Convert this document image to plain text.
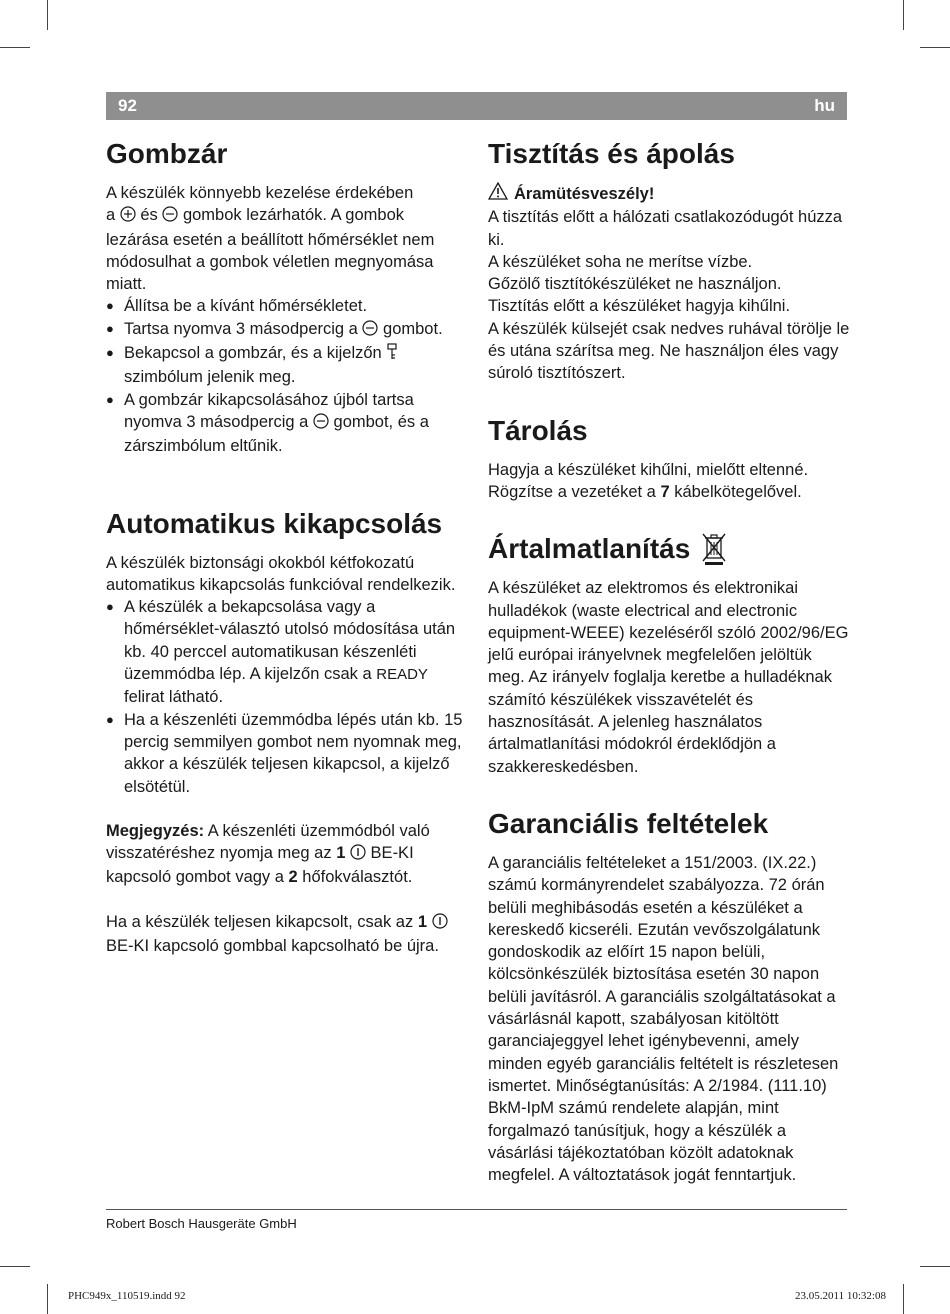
92	hu
Gombzár

A készülék könnyebb kezelése érdekében
a  és  gombok lezárhatók. A gombok lezárása esetén a beállított hőmérséklet nem módosulhat a gombok véletlen megnyomása miatt.

● Állítsa be a kívánt hőmérsékletet.
● Tartsa nyomva 3 másodpercig a  gombot.
● Bekapcsol a gombzár, és a kijelzőn  szimbólum jelenik meg.
● A gombzár kikapcsolásához újból tartsa nyomva 3 másodpercig a  gombot, és a zárszimbólum eltűnik.
Automatikus kikapcsolás

A készülék biztonsági okokból kétfokozatú automatikus kikapcsolás funkcióval rendelkezik.

● A készülék a bekapcsolása vagy a hőmérséklet-választó utolsó módosítása után kb. 40 perccel automatikusan készenléti üzemmódba lép. A kijelzőn csak a READY felirat látható.
● Ha a készenléti üzemmódba lépés után kb. 15 percig semmilyen gombot nem nyomnak meg, akkor a készülék teljesen kikapcsol, a kijelző elsötétül.

Megjegyzés: A készenléti üzemmódból való visszatéréshez nyomja meg az 1  BE-KI kapcsoló gombot vagy a 2 hőfokválasztót.

Ha a készülék teljesen kikapcsolt, csak az 1  BE-KI kapcsoló gombbal kapcsolható be újra.

Tisztítás és ápolás

Áramütésveszély!

A tisztítás előtt a hálózati csatlakozódugót húzza ki.

A készüléket soha ne merítse vízbe.

Gőzölő tisztítókészüléket ne használjon.

Tisztítás előtt a készüléket hagyja kihűlni.

A készülék külsejét csak nedves ruhával törölje le és utána szárítsa meg. Ne használjon éles vagy súroló tisztítószert.

Tárolás

Hagyja a készüléket kihűlni, mielőtt eltenné. Rögzítse a vezetéket a 7 kábelkötegelővel.

Ártalmatlanítás

A készüléket az elektromos és elektronikai hulladékok (waste electrical and electronic equipment-WEEE) kezeléséről szóló 2002/96/EG jelű európai irányelvnek megfelelően jelöltük meg. Az irányelv foglalja keretbe a hulladéknak számító készülékek visszavételét és hasznosítását. A jelenleg használatos ártalmatlanítási módokról érdeklődjön a szakkereskedésben.

Garanciális feltételek

A garanciális feltételeket a 151/2003. (IX.22.) számú kormányrendelet szabályozza. 72 órán belüli meghibásodás esetén a készüléket a kereskedő kicseréli. Ezután vevőszolgálatunk gondoskodik az előírt 15 napon belüli, kölcsönkészülék biztosítása esetén 30 napon belüli javításról. A garanciális szolgáltatásokat a vásárlásnál kapott, szabályosan kitöltött garanciajeggyel lehet igénybevenni, amely minden egyéb garanciális feltételt is részletesen ismertet. Minőségtanúsítás: A 2/1984. (111.10) BkM-IpM számú rendelete alapján, mint forgalmazó tanúsítjuk, hogy a készülék a vásárlási tájékoztatóban közölt adatoknak megfelel. A változtatások jogát fenntartjuk.

Robert Bosch Hausgeräte GmbH
PHC949x_110519.indd 92	23.05.2011 10:32:08
